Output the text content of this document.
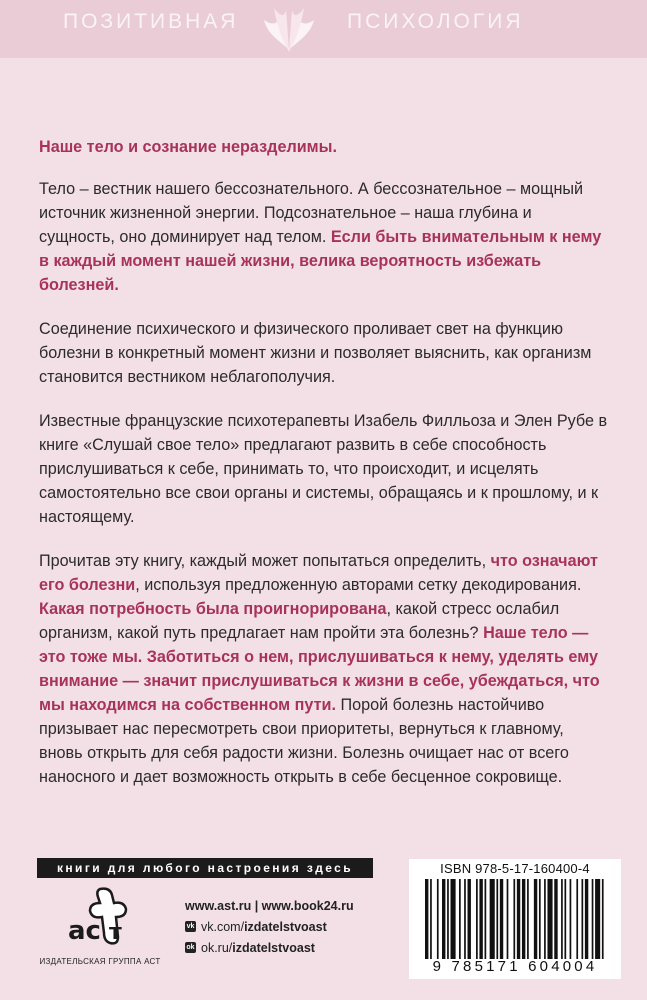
ПОЗИТИВНАЯ	ПСИХОЛОГИЯ

Наше тело и сознание неразделимы.

Тело – вестник нашего бессознательного. А бессознательное – мощный источник жизненной энергии. Подсознательное – наша глубина и сущность, оно доминирует над телом. Если быть внимательным к нему в каждый момент нашей жизни, велика вероятность избежать болезней.

Соединение психического и физического проливает свет на функцию болезни в конкретный момент жизни и позволяет выяснить, как организм становится вестником неблагополучия.

Известные французские психотерапевты Изабель Филльоза и Элен Рубе в книге «Слушай свое тело» предлагают развить в себе способность прислушиваться к себе, принимать то, что происходит, и исцелять самостоятельно все свои органы и системы, обращаясь и к прошлому, и к настоящему.

Прочитав эту книгу, каждый может попытаться определить, что означают его болезни, используя предложенную авторами сетку декодирования. Какая потребность была проигнорирована, какой стресс ослабил организм, какой путь предлагает нам пройти эта болезнь? Наше тело — это тоже мы. Заботиться о нем, прислушиваться к нему, уделять ему внимание — значит прислушиваться к жизни в себе, убеждаться, что мы находимся на собственном пути. Порой болезнь настойчиво призывает нас пересмотреть свои приоритеты, вернуться к главному, вновь открыть для себя радости жизни. Болезнь очищает нас от всего наносного и дает возможность открыть в себе бесценное сокровище.

книги для любого настроения здесь
ac т
ИЗДАТЕЛЬСКАЯ ГРУППА АСТ
www.ast.ru | www.book24.ru
vk vk.com/ izdatelstvoast
ok ok.ru/ izdatelstvoast
ISBN 978-5-17-160400-4
9 785171 604004
